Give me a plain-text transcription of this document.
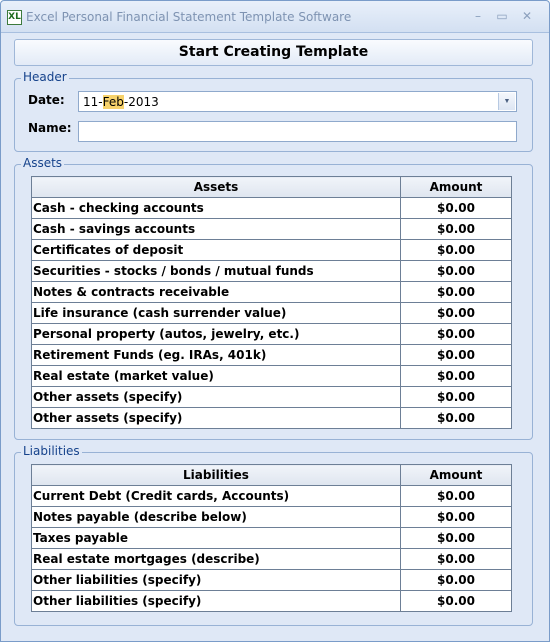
XL Excel Personal Financial Statement Template Software	–	▭	✕
Start Creating Template
Header
Date: 11-Feb-2013	▼
Name:
Assets
Assets	Amount
Cash - checking accounts	$0.00
Cash - savings accounts	$0.00
Certificates of deposit	$0.00
Securities - stocks / bonds / mutual funds	$0.00
Notes & contracts receivable	$0.00
Life insurance (cash surrender value)	$0.00
Personal property (autos, jewelry, etc.)	$0.00
Retirement Funds (eg. IRAs, 401k)	$0.00
Real estate (market value)	$0.00
Other assets (specify)	$0.00
Other assets (specify)	$0.00
Liabilities
Liabilities	Amount
Current Debt (Credit cards, Accounts)	$0.00
Notes payable (describe below)	$0.00
Taxes payable	$0.00
Real estate mortgages (describe)	$0.00
Other liabilities (specify)	$0.00
Other liabilities (specify)	$0.00
